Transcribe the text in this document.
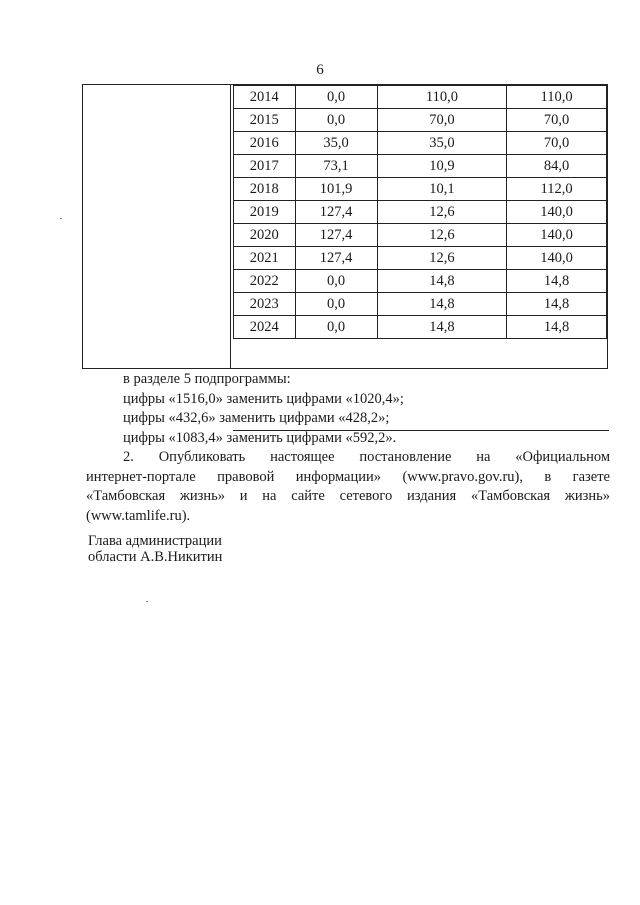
6
2014	0,0	110,0	110,0
2015	0,0	70,0	70,0
2016	35,0	35,0	70,0
2017	73,1	10,9	84,0
2018	101,9	10,1	112,0
2019	127,4	12,6	140,0
2020	127,4	12,6	140,0
2021	127,4	12,6	140,0
2022	0,0	14,8	14,8
2023	0,0	14,8	14,8
2024	0,0	14,8	14,8

в разделе 5 подпрограммы:

цифры «1516,0» заменить цифрами «1020,4»;

цифры «432,6» заменить цифрами «428,2»;

цифры «1083,4» заменить цифрами «592,2».

2. Опубликовать настоящее постановление на «Официальном

интернет-портале правовой информации» (www.pravo.gov.ru), в газете

«Тамбовская жизнь» и на сайте сетевого издания «Тамбовская жизнь»

(www.tamlife.ru).

Глава администрации

области А.В.Никитин
